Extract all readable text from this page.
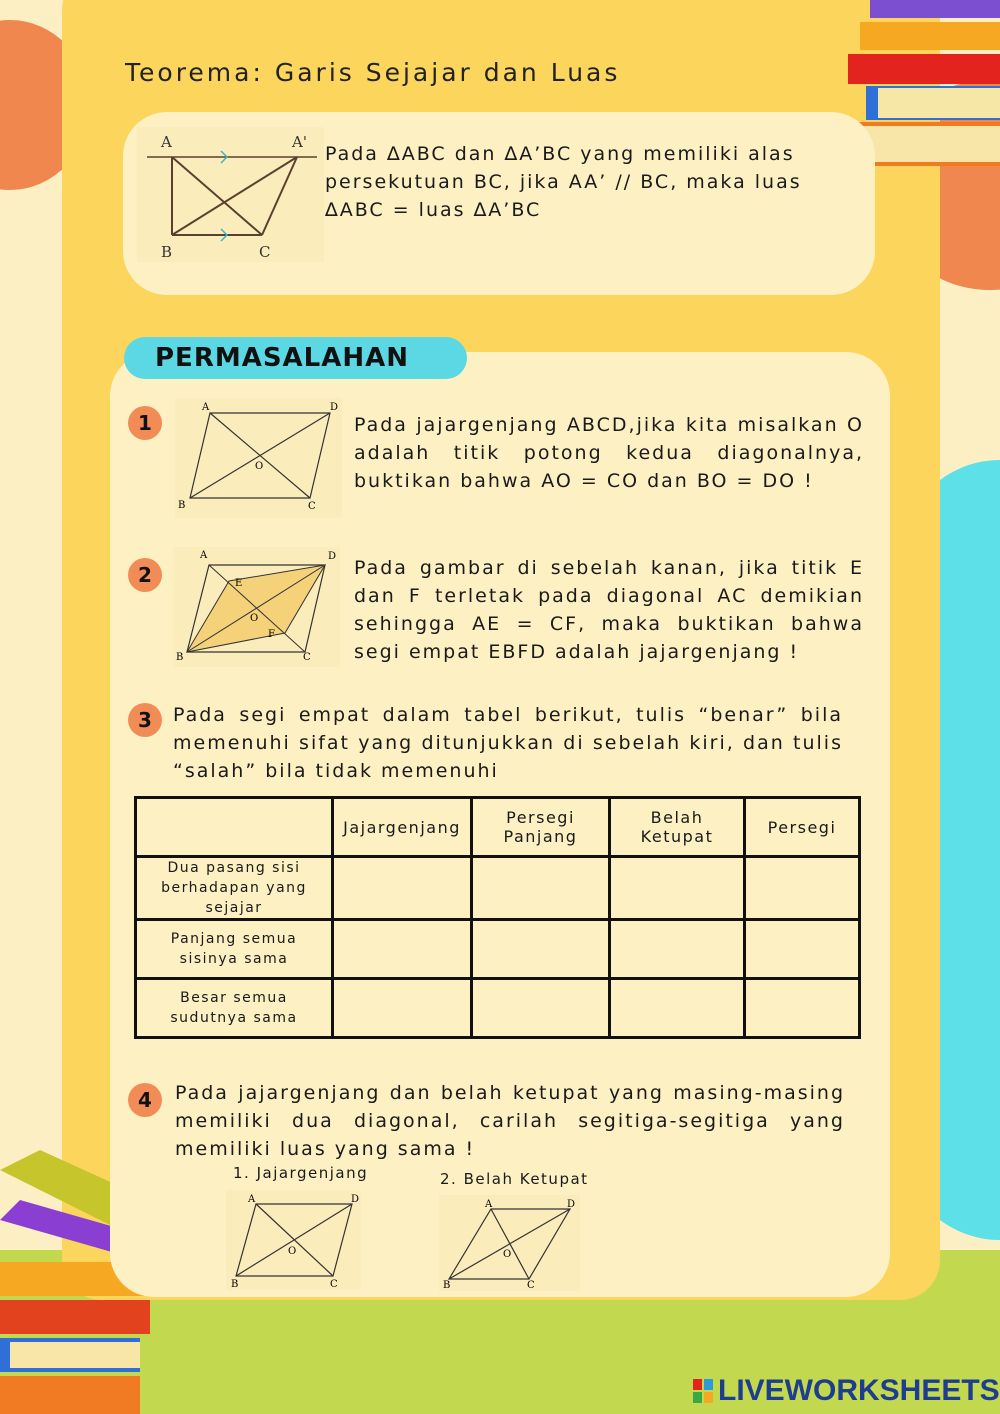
Teorema: Garis Sejajar dan Luas
A	A'
B	C
Pada ∆ABC dan ∆A’BC yang memiliki alas persekutuan BC, jika AA’ // BC, maka luas ∆ABC = luas ∆A’BC
PERMASALAHAN
1
A	D
B	C
O
Pada jajargenjang ABCD,jika kita misalkan O adalah titik potong kedua diagonalnya, buktikan bahwa AO = CO dan BO = DO !
2
A	D
B	C
E
O
F
Pada gambar di sebelah kanan, jika titik E dan F terletak pada diagonal AC demikian sehingga AE = CF, maka buktikan bahwa segi empat EBFD adalah jajargenjang !
3	Pada segi empat dalam tabel berikut, tulis “benar” bila memenuhi sifat yang ditunjukkan di sebelah kiri, dan tulis “salah” bila tidak memenuhi
	Jajargenjang	Persegi Panjang	Belah Ketupat	Persegi
Dua pasang sisi berhadapan yang sejajar				
Panjang semua sisinya sama				
Besar semua sudutnya sama				
4	Pada jajargenjang dan belah ketupat yang masing-masing memiliki dua diagonal, carilah segitiga-segitiga yang memiliki luas yang sama !
1. Jajargenjang	2. Belah Ketupat
A	D
B	C
O
A	D
B	C
O
LIVEWORKSHEETS
